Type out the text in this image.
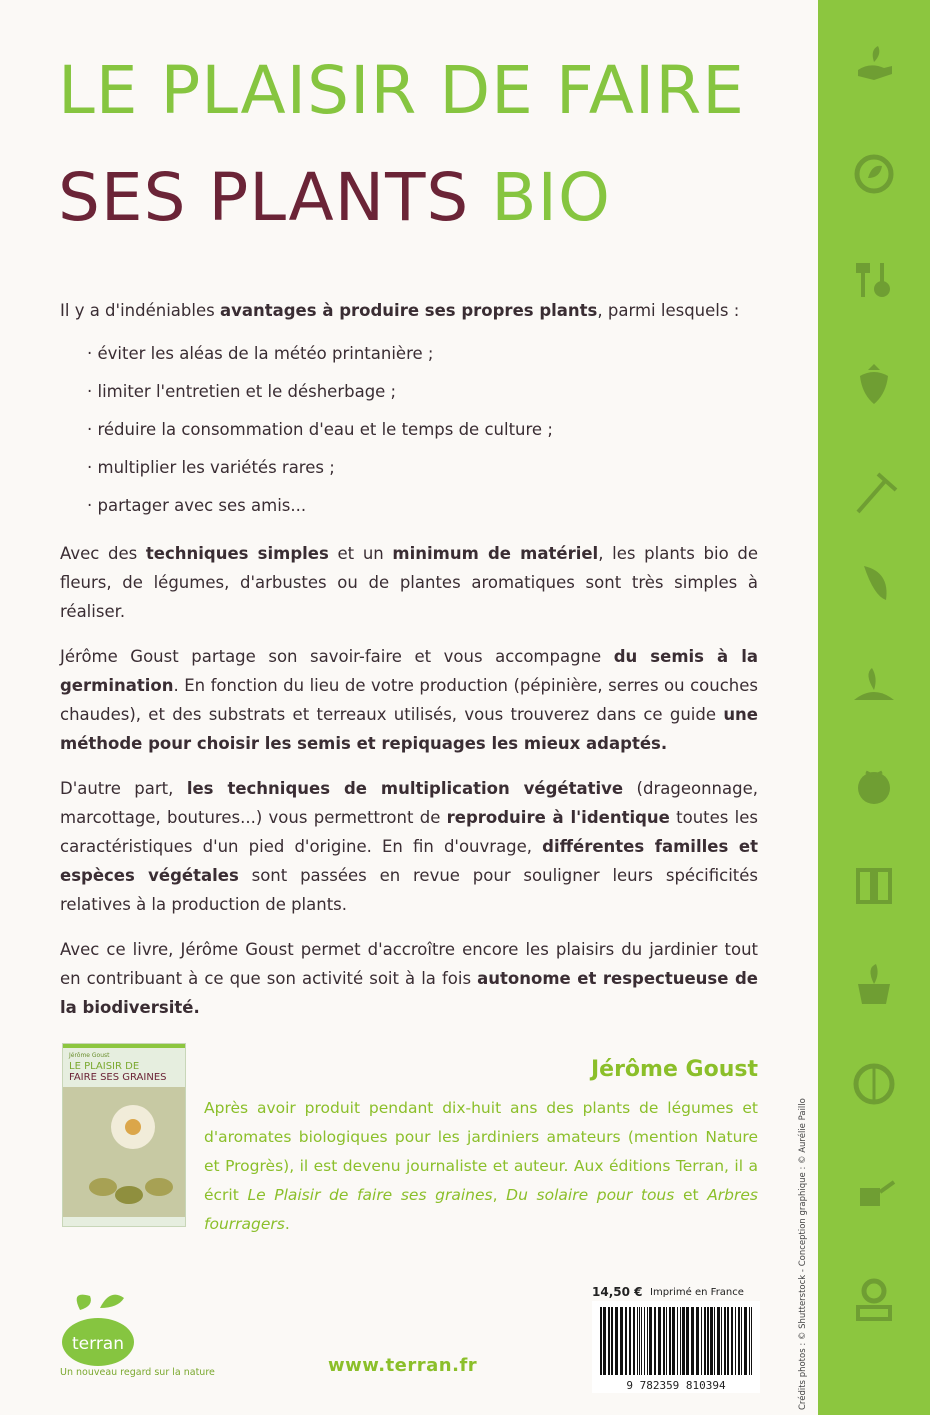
LE PLAISIR DE FAIRE
SES PLANTS BIO

Il y a d'indéniables avantages à produire ses propres plants, parmi lesquels :

· éviter les aléas de la météo printanière ;
· limiter l'entretien et le désherbage ;
· réduire la consommation d'eau et le temps de culture ;
· multiplier les variétés rares ;
· partager avec ses amis...

Avec des techniques simples et un minimum de matériel, les plants bio de fleurs, de légumes, d'arbustes ou de plantes aromatiques sont très simples à réaliser.

Jérôme Goust partage son savoir-faire et vous accompagne du semis à la germination. En fonction du lieu de votre production (pépinière, serres ou couches chaudes), et des substrats et terreaux utilisés, vous trouverez dans ce guide une méthode pour choisir les semis et repiquages les mieux adaptés.

D'autre part, les techniques de multiplication végétative (drageonnage, marcottage, boutures...) vous permettront de reproduire à l'identique toutes les caractéristiques d'un pied d'origine. En fin d'ouvrage, différentes familles et espèces végétales sont passées en revue pour souligner leurs spécificités relatives à la production de plants.

Avec ce livre, Jérôme Goust permet d'accroître encore les plaisirs du jardinier tout en contribuant à ce que son activité soit à la fois autonome et respectueuse de la biodiversité.

Jérôme Goust
LE PLAISIR DE
FAIRE SES GRAINES	Jérôme Goust
Après avoir produit pendant dix-huit ans des plants de légumes et d'aromates biologiques pour les jardiniers amateurs (mention Nature et Progrès), il est devenu journaliste et auteur. Aux éditions Terran, il a écrit Le Plaisir de faire ses graines, Du solaire pour tous et Arbres fourragers.
terran
Un nouveau regard sur la nature	www.terran.fr
14,50 € Imprimé en France
9 782359 810394	Crédits photos : © Shutterstock - Conception graphique : © Aurélie Paillo
